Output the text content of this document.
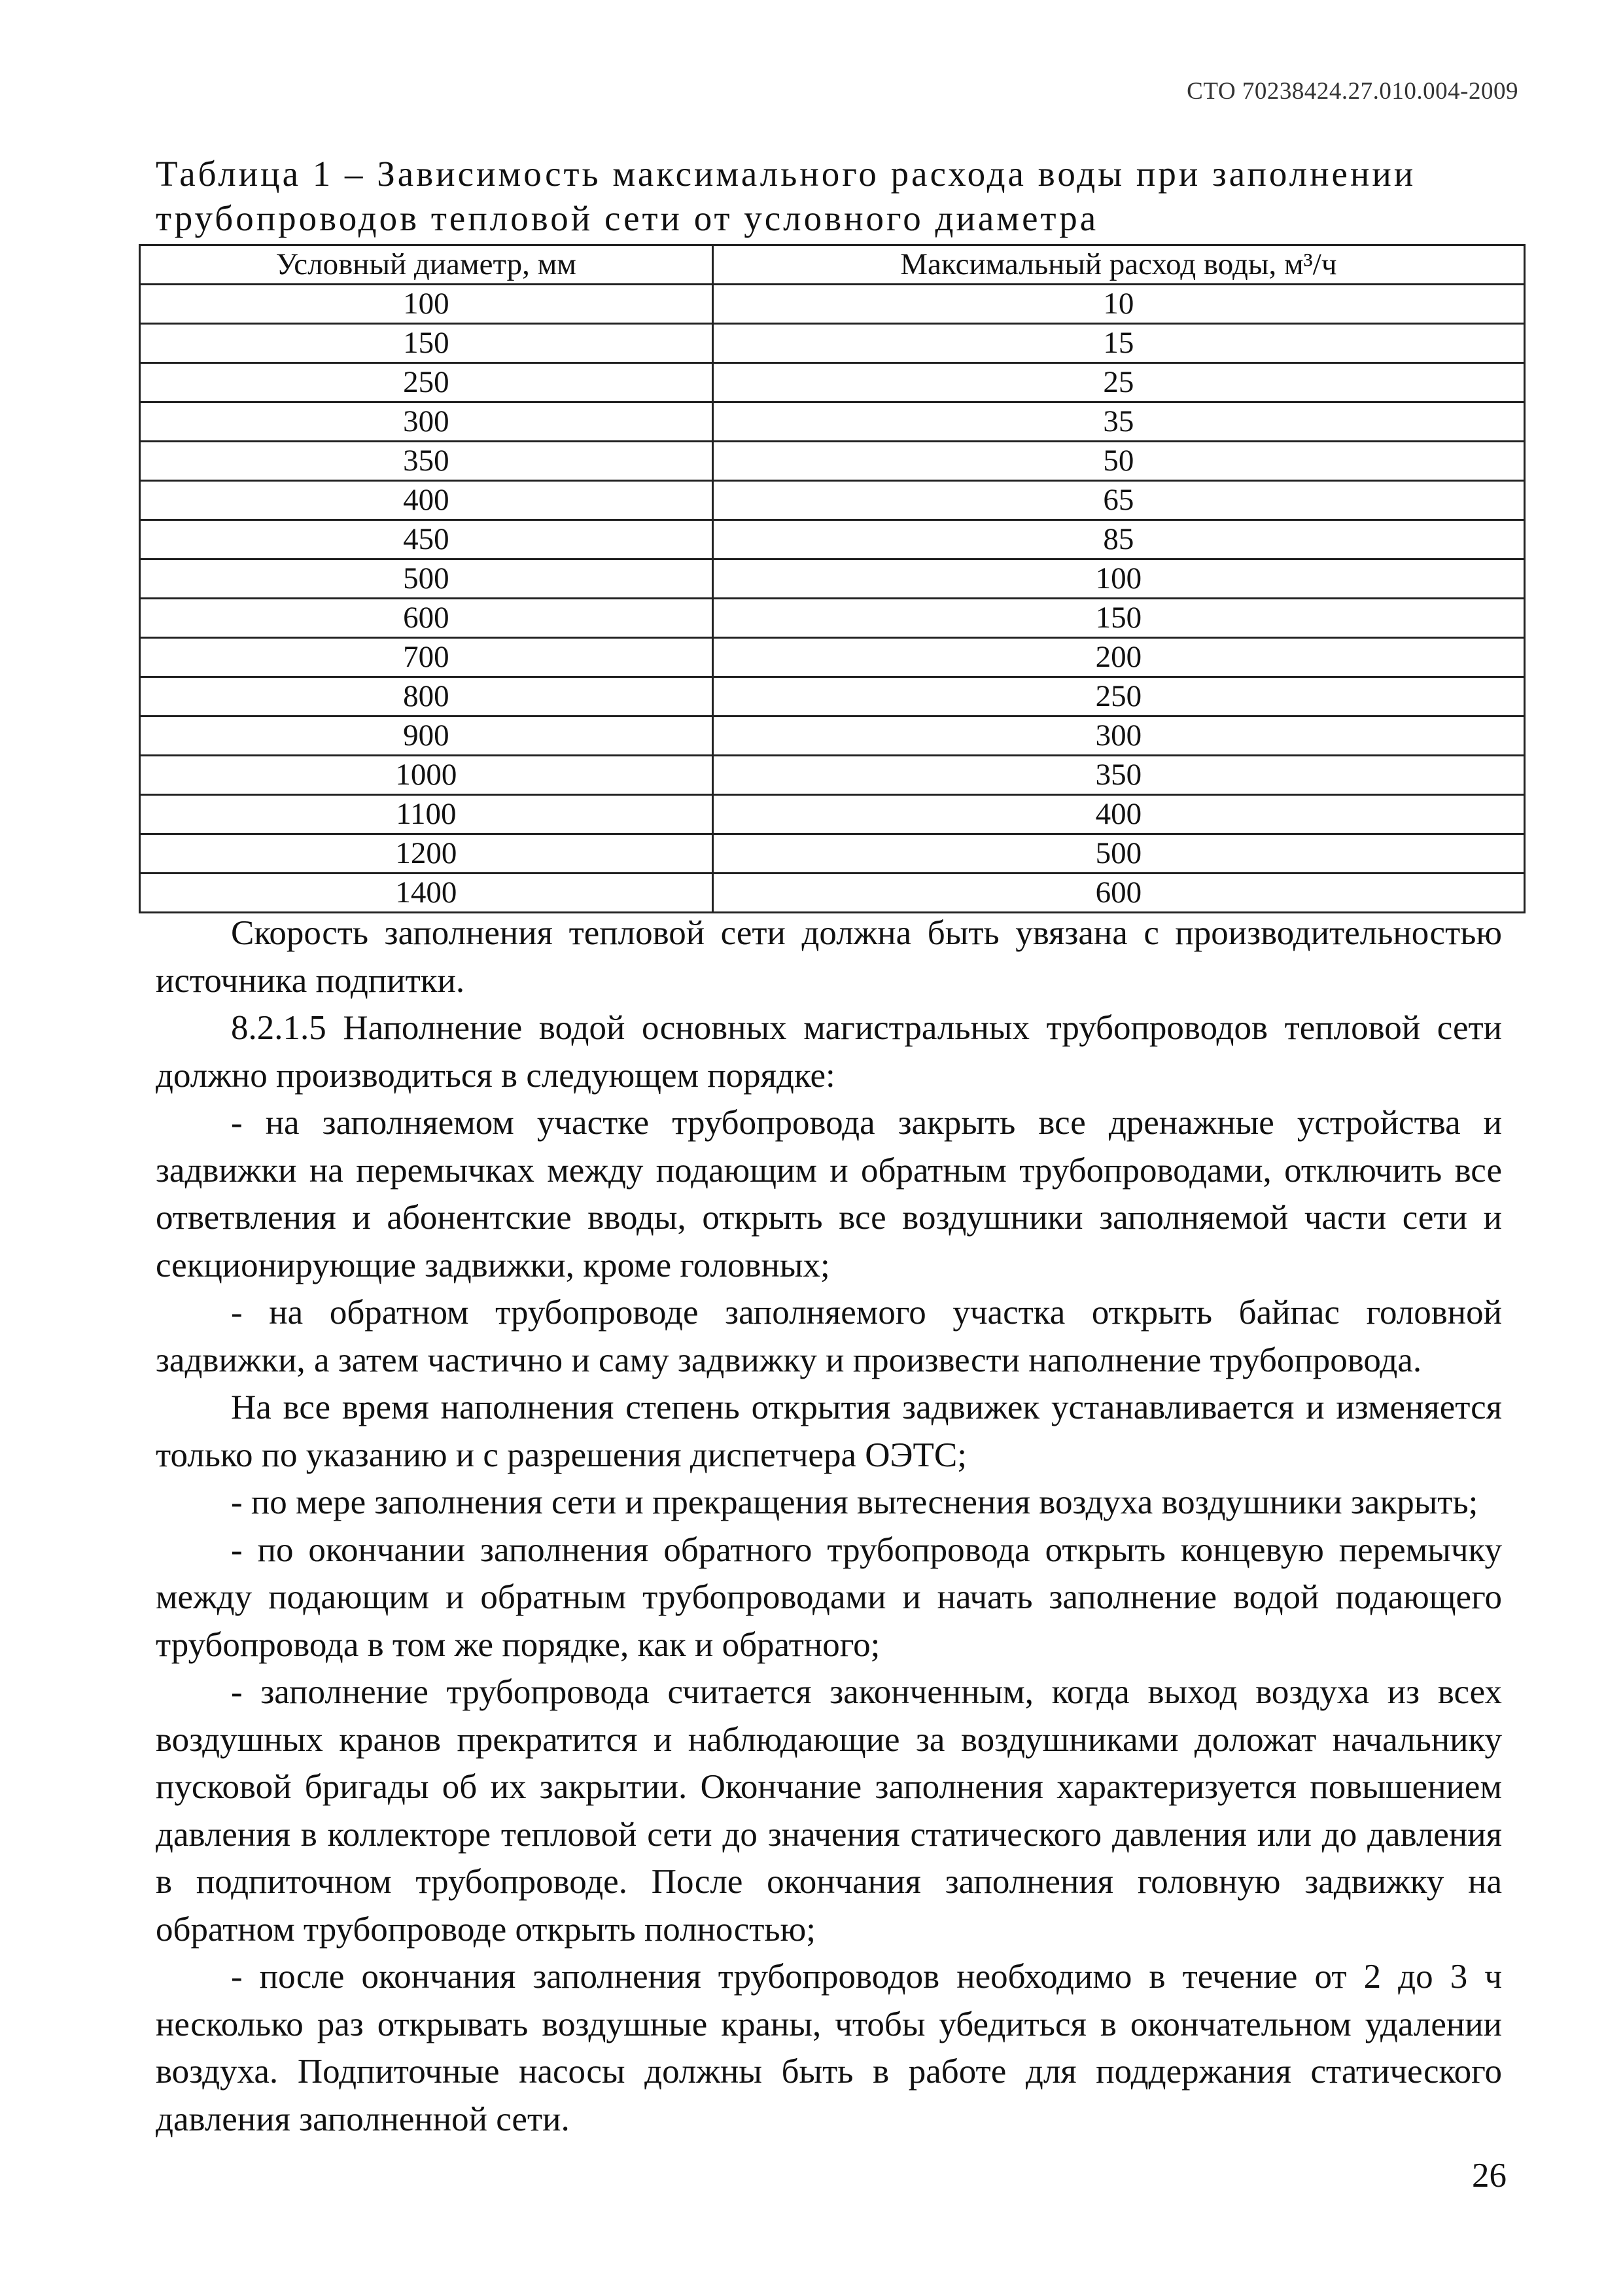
СТО 70238424.27.010.004-2009
Таблица 1 – Зависимость максимального расхода воды при заполнении трубопроводов тепловой сети от условного диаметра
Условный диаметр, мм	Максимальный расход воды, м³/ч
100	10
150	15
250	25
300	35
350	50
400	65
450	85
500	100
600	150
700	200
800	250
900	300
1000	350
1100	400
1200	500
1400	600

Скорость заполнения тепловой сети должна быть увязана с производительностью источника подпитки.

8.2.1.5 Наполнение водой основных магистральных трубопроводов тепловой сети должно производиться в следующем порядке:

- на заполняемом участке трубопровода закрыть все дренажные устройства и задвижки на перемычках между подающим и обратным трубопроводами, отключить все ответвления и абонентские вводы, открыть все воздушники заполняемой части сети и секционирующие задвижки, кроме головных;

- на обратном трубопроводе заполняемого участка открыть байпас головной задвижки, а затем частично и саму задвижку и произвести наполнение трубопровода.

На все время наполнения степень открытия задвижек устанавливается и изменяется только по указанию и с разрешения диспетчера ОЭТС;

- по мере заполнения сети и прекращения вытеснения воздуха воздушники закрыть;

- по окончании заполнения обратного трубопровода открыть концевую перемычку между подающим и обратным трубопроводами и начать заполнение водой подающего трубопровода в том же порядке, как и обратного;

- заполнение трубопровода считается законченным, когда выход воздуха из всех воздушных кранов прекратится и наблюдающие за воздушниками доложат начальнику пусковой бригады об их закрытии. Окончание заполнения характеризуется повышением давления в коллекторе тепловой сети до значения статического давления или до давления в подпиточном трубопроводе. После окончания заполнения головную задвижку на обратном трубопроводе открыть полностью;

- после окончания заполнения трубопроводов необходимо в течение от 2 до 3 ч несколько раз открывать воздушные краны, чтобы убедиться в окончательном удалении воздуха. Подпиточные насосы должны быть в работе для поддержания статического давления заполненной сети.

26
